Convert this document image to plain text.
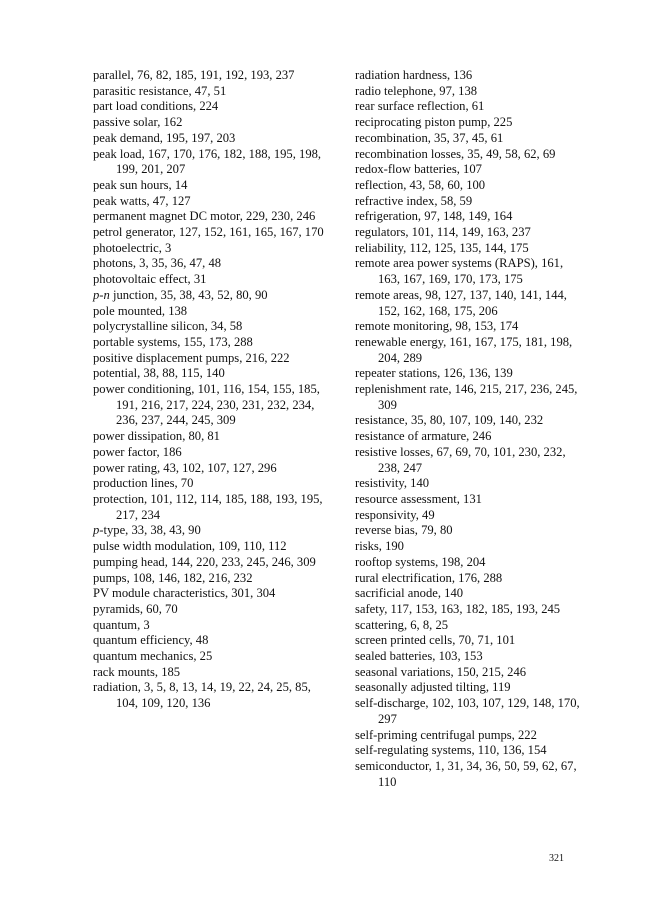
parallel, 76, 82, 185, 191, 192, 193, 237
parasitic resistance, 47, 51
part load conditions, 224
passive solar, 162
peak demand, 195, 197, 203
peak load, 167, 170, 176, 182, 188, 195, 198, 199, 201, 207
peak sun hours, 14
peak watts, 47, 127
permanent magnet DC motor, 229, 230, 246
petrol generator, 127, 152, 161, 165, 167, 170
photoelectric, 3
photons, 3, 35, 36, 47, 48
photovoltaic effect, 31
p-n junction, 35, 38, 43, 52, 80, 90
pole mounted, 138
polycrystalline silicon, 34, 58
portable systems, 155, 173, 288
positive displacement pumps, 216, 222
potential, 38, 88, 115, 140
power conditioning, 101, 116, 154, 155, 185, 191, 216, 217, 224, 230, 231, 232, 234, 236, 237, 244, 245, 309
power dissipation, 80, 81
power factor, 186
power rating, 43, 102, 107, 127, 296
production lines, 70
protection, 101, 112, 114, 185, 188, 193, 195, 217, 234
p-type, 33, 38, 43, 90
pulse width modulation, 109, 110, 112
pumping head, 144, 220, 233, 245, 246, 309
pumps, 108, 146, 182, 216, 232
PV module characteristics, 301, 304
pyramids, 60, 70
quantum, 3
quantum efficiency, 48
quantum mechanics, 25
rack mounts, 185
radiation, 3, 5, 8, 13, 14, 19, 22, 24, 25, 85, 104, 109, 120, 136
radiation hardness, 136
radio telephone, 97, 138
rear surface reflection, 61
reciprocating piston pump, 225
recombination, 35, 37, 45, 61
recombination losses, 35, 49, 58, 62, 69
redox-flow batteries, 107
reflection, 43, 58, 60, 100
refractive index, 58, 59
refrigeration, 97, 148, 149, 164
regulators, 101, 114, 149, 163, 237
reliability, 112, 125, 135, 144, 175
remote area power systems (RAPS), 161, 163, 167, 169, 170, 173, 175
remote areas, 98, 127, 137, 140, 141, 144, 152, 162, 168, 175, 206
remote monitoring, 98, 153, 174
renewable energy, 161, 167, 175, 181, 198, 204, 289
repeater stations, 126, 136, 139
replenishment rate, 146, 215, 217, 236, 245, 309
resistance, 35, 80, 107, 109, 140, 232
resistance of armature, 246
resistive losses, 67, 69, 70, 101, 230, 232, 238, 247
resistivity, 140
resource assessment, 131
responsivity, 49
reverse bias, 79, 80
risks, 190
rooftop systems, 198, 204
rural electrification, 176, 288
sacrificial anode, 140
safety, 117, 153, 163, 182, 185, 193, 245
scattering, 6, 8, 25
screen printed cells, 70, 71, 101
sealed batteries, 103, 153
seasonal variations, 150, 215, 246
seasonally adjusted tilting, 119
self-discharge, 102, 103, 107, 129, 148, 170, 297
self-priming centrifugal pumps, 222
self-regulating systems, 110, 136, 154
semiconductor, 1, 31, 34, 36, 50, 59, 62, 67, 110
321
